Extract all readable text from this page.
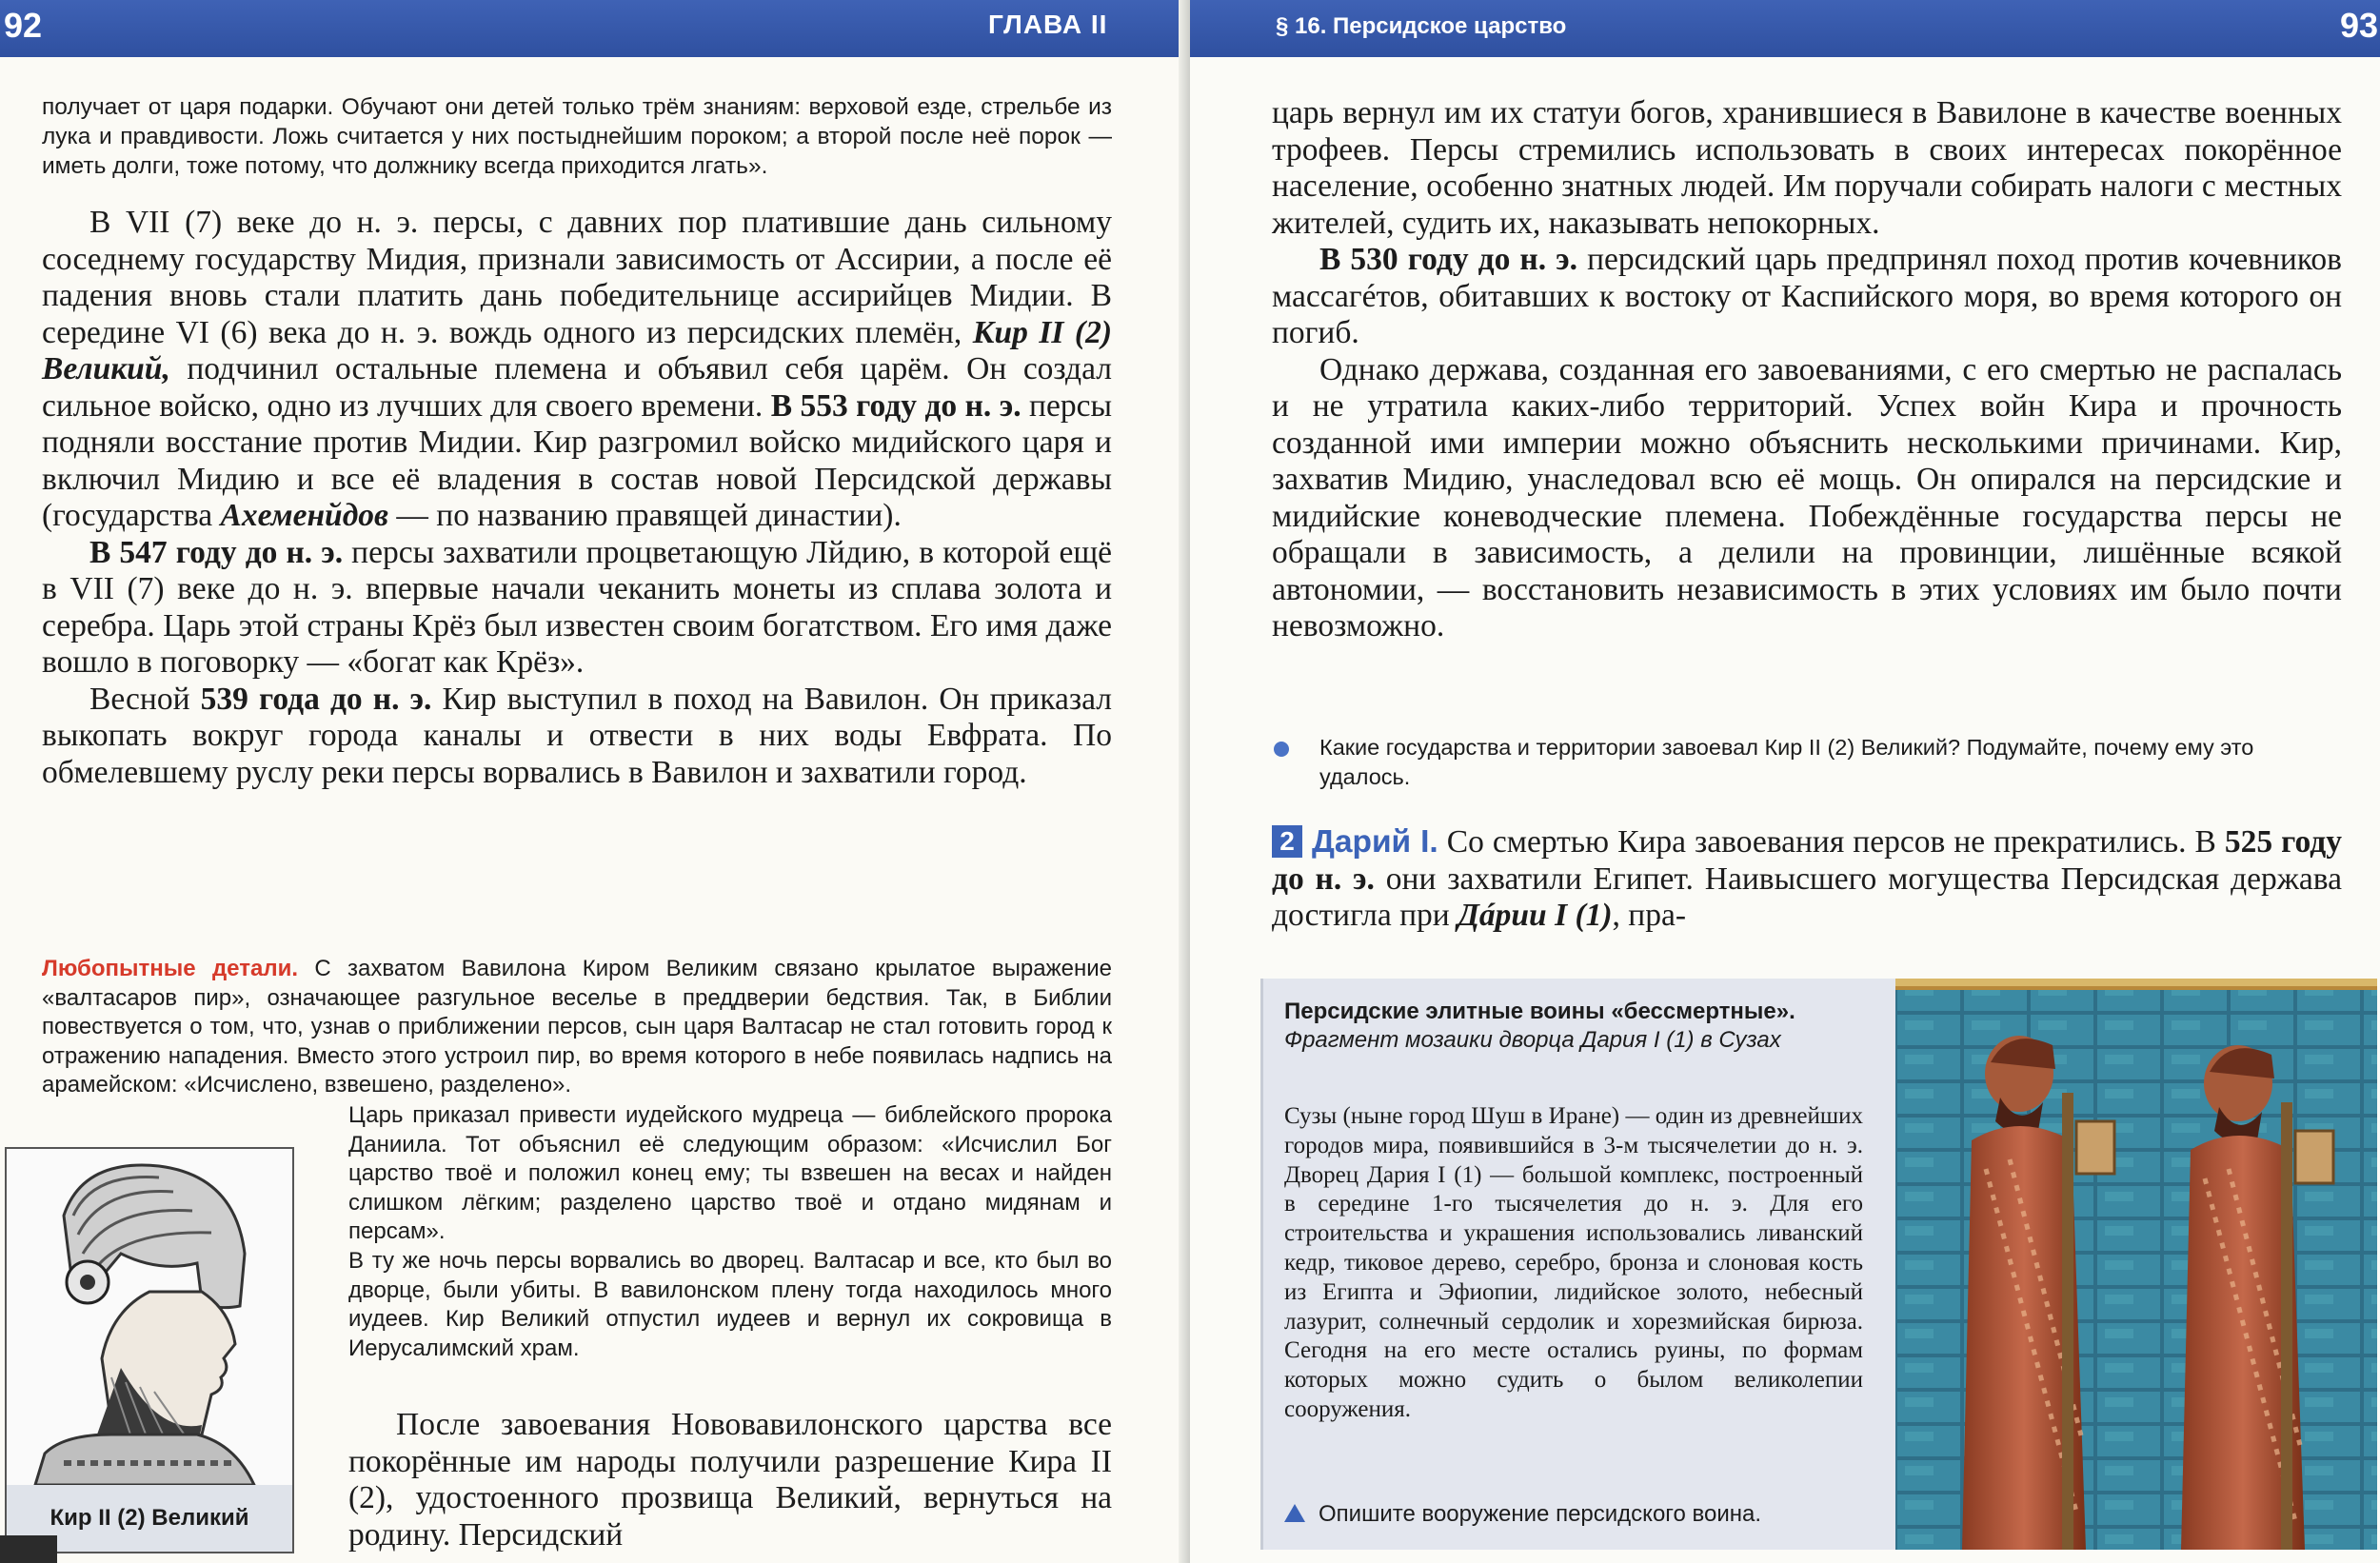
92	ГЛАВА II
получает от царя подарки. Обучают они детей только трём знаниям: верховой езде, стрельбе из лука и правдивости. Ложь считается у них постыднейшим пороком; а второй после неё порок — иметь долги, тоже потому, что должнику всегда приходится лгать».

В VII (7) веке до н. э. персы, с давних пор платившие дань сильному соседнему государству Мидия, признали зависимость от Ассирии, а после её падения вновь стали платить дань победительнице ассирийцев Мидии. В середине VI (6) века до н. э. вождь одного из персидских племён, Кир II (2) Великий, подчинил остальные племена и объявил себя царём. Он создал сильное войско, одно из лучших для своего времени. В 553 году до н. э. персы подняли восстание против Мидии. Кир разгромил войско мидийского царя и включил Мидию и все её владения в состав новой Персидской державы (государства Ахеменйдов — по названию правящей династии).

В 547 году до н. э. персы захватили процветающую Лйдию, в которой ещё в VII (7) веке до н. э. впервые начали чеканить монеты из сплава золота и серебра. Царь этой страны Крёз был известен своим богатством. Его имя даже вошло в поговорку — «богат как Крёз».

Весной 539 года до н. э. Кир выступил в поход на Вавилон. Он приказал выкопать вокруг города каналы и отвести в них воды Евфрата. По обмелевшему руслу реки персы ворвались в Вавилон и захватили город.

Любопытные детали. С захватом Вавилона Киром Великим связано крылатое выражение «валтасаров пир», означающее разгульное веселье в преддверии бедствия. Так, в Библии повествуется о том, что, узнав о приближении персов, сын царя Валтасар не стал готовить город к отражению нападения. Вместо этого устроил пир, во время которого в небе появилась надпись на арамейском: «Исчислено, взвешено, разделено».
Царь приказал привести иудейского мудреца — библейского пророка Даниила. Тот объяснил её следующим образом: «Исчислил Бог царство твоё и положил конец ему; ты взвешен на весах и найден слишком лёгким; разделено царство твоё и отдано мидянам и персам».
В ту же ночь персы ворвались во дворец. Валтасар и все, кто был во дворце, были убиты. В вавилонском плену тогда находилось много иудеев. Кир Великий отпустил иудеев и вернул их сокровища в Иерусалимский храм.

После завоевания Нововавилонского царства все покорённые им народы получили разрешение Кира II (2), удостоенного прозвища Великий, вернуться на родину. Персидский

Кир II (2) Великий
§ 16. Персидское царство	93

царь вернул им их статуи богов, хранившиеся в Вавилоне в качестве военных трофеев. Персы стремились использовать в своих интересах покорённое население, особенно знатных людей. Им поручали собирать налоги с местных жителей, судить их, наказывать непокорных.

В 530 году до н. э. персидский царь предпринял поход против кочевников массагéтов, обитавших к востоку от Каспийского моря, во время которого он погиб.

Однако держава, созданная его завоеваниями, с его смертью не распалась и не утратила каких-либо территорий. Успех войн Кира и прочность созданной ими империи можно объяснить несколькими причинами. Кир, захватив Мидию, унаследовал всю её мощь. Он опирался на персидские и мидийские коневодческие племена. Побеждённые государства персы не обращали в зависимость, а делили на провинции, лишённые всякой автономии, — восстановить независимость в этих условиях им было почти невозможно.

Какие государства и территории завоевал Кир II (2) Великий? Подумайте, почему ему это удалось.

2 Дарий I. Со смертью Кира завоевания персов не прекратились. В 525 году до н. э. они захватили Египет. Наивысшего могущества Персидская держава достигла при Дáрии I (1), пра-

Персидские элитные воины «бессмертные».
Фрагмент мозаики дворца Дария I (1) в Сузах
Сузы (ныне город Шуш в Иране) — один из древнейших городов мира, появившийся в 3-м тысячелетии до н. э. Дворец Дария I (1) — большой комплекс, построенный в середине 1-го тысячелетия до н. э. Для его строительства и украшения использовались ливанский кедр, тиковое дерево, серебро, бронза и слоновая кость из Египта и Эфиопии, лидийское золото, небесный лазурит, солнечный сердолик и хорезмийская бирюза. Сегодня на его месте остались руины, по формам которых можно судить о былом великолепии сооружения.
Опишите вооружение персидского воина.
